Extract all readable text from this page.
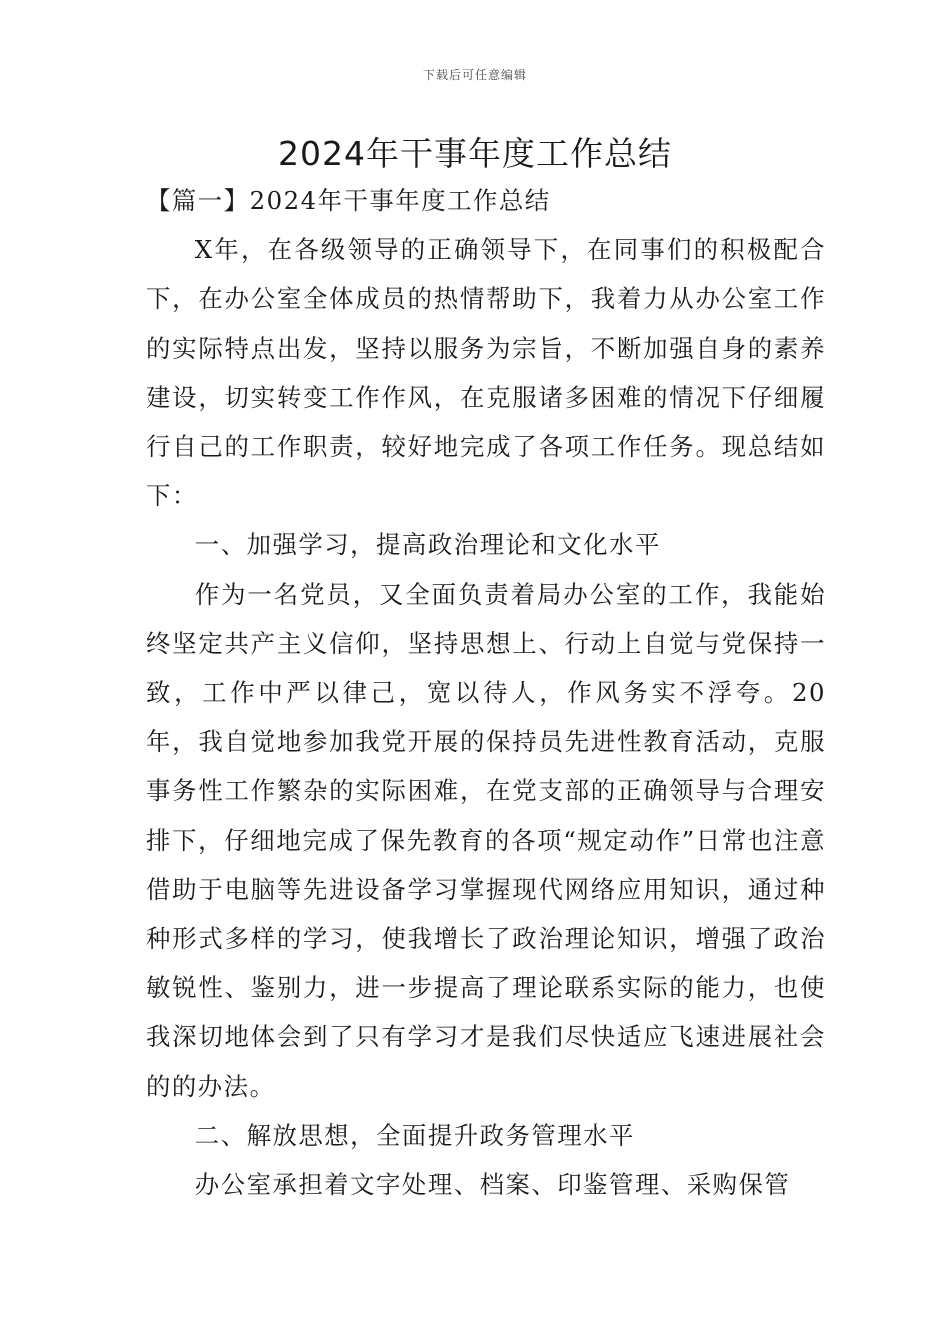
下载后可任意编辑
2024年干事年度工作总结

【篇一】2024年干事年度工作总结

X年，在各级领导的正确领导下，在同事们的积极配合下，在办公室全体成员的热情帮助下，我着力从办公室工作的实际特点出发，坚持以服务为宗旨，不断加强自身的素养建设，切实转变工作作风，在克服诸多困难的情况下仔细履行自己的工作职责，较好地完成了各项工作任务。现总结如下：

一、加强学习，提高政治理论和文化水平

作为一名党员，又全面负责着局办公室的工作，我能始终坚定共产主义信仰，坚持思想上、行动上自觉与党保持一致，工作中严以律己，宽以待人，作风务实不浮夸。20年，我自觉地参加我党开展的保持员先进性教育活动，克服事务性工作繁杂的实际困难，在党支部的正确领导与合理安排下，仔细地完成了保先教育的各项“规定动作”日常也注意借助于电脑等先进设备学习掌握现代网络应用知识，通过种种形式多样的学习，使我增长了政治理论知识，增强了政治敏锐性、鉴别力，进一步提高了理论联系实际的能力，也使我深切地体会到了只有学习才是我们尽快适应飞速进展社会的的办法。

二、解放思想，全面提升政务管理水平

办公室承担着文字处理、档案、印鉴管理、采购保管
